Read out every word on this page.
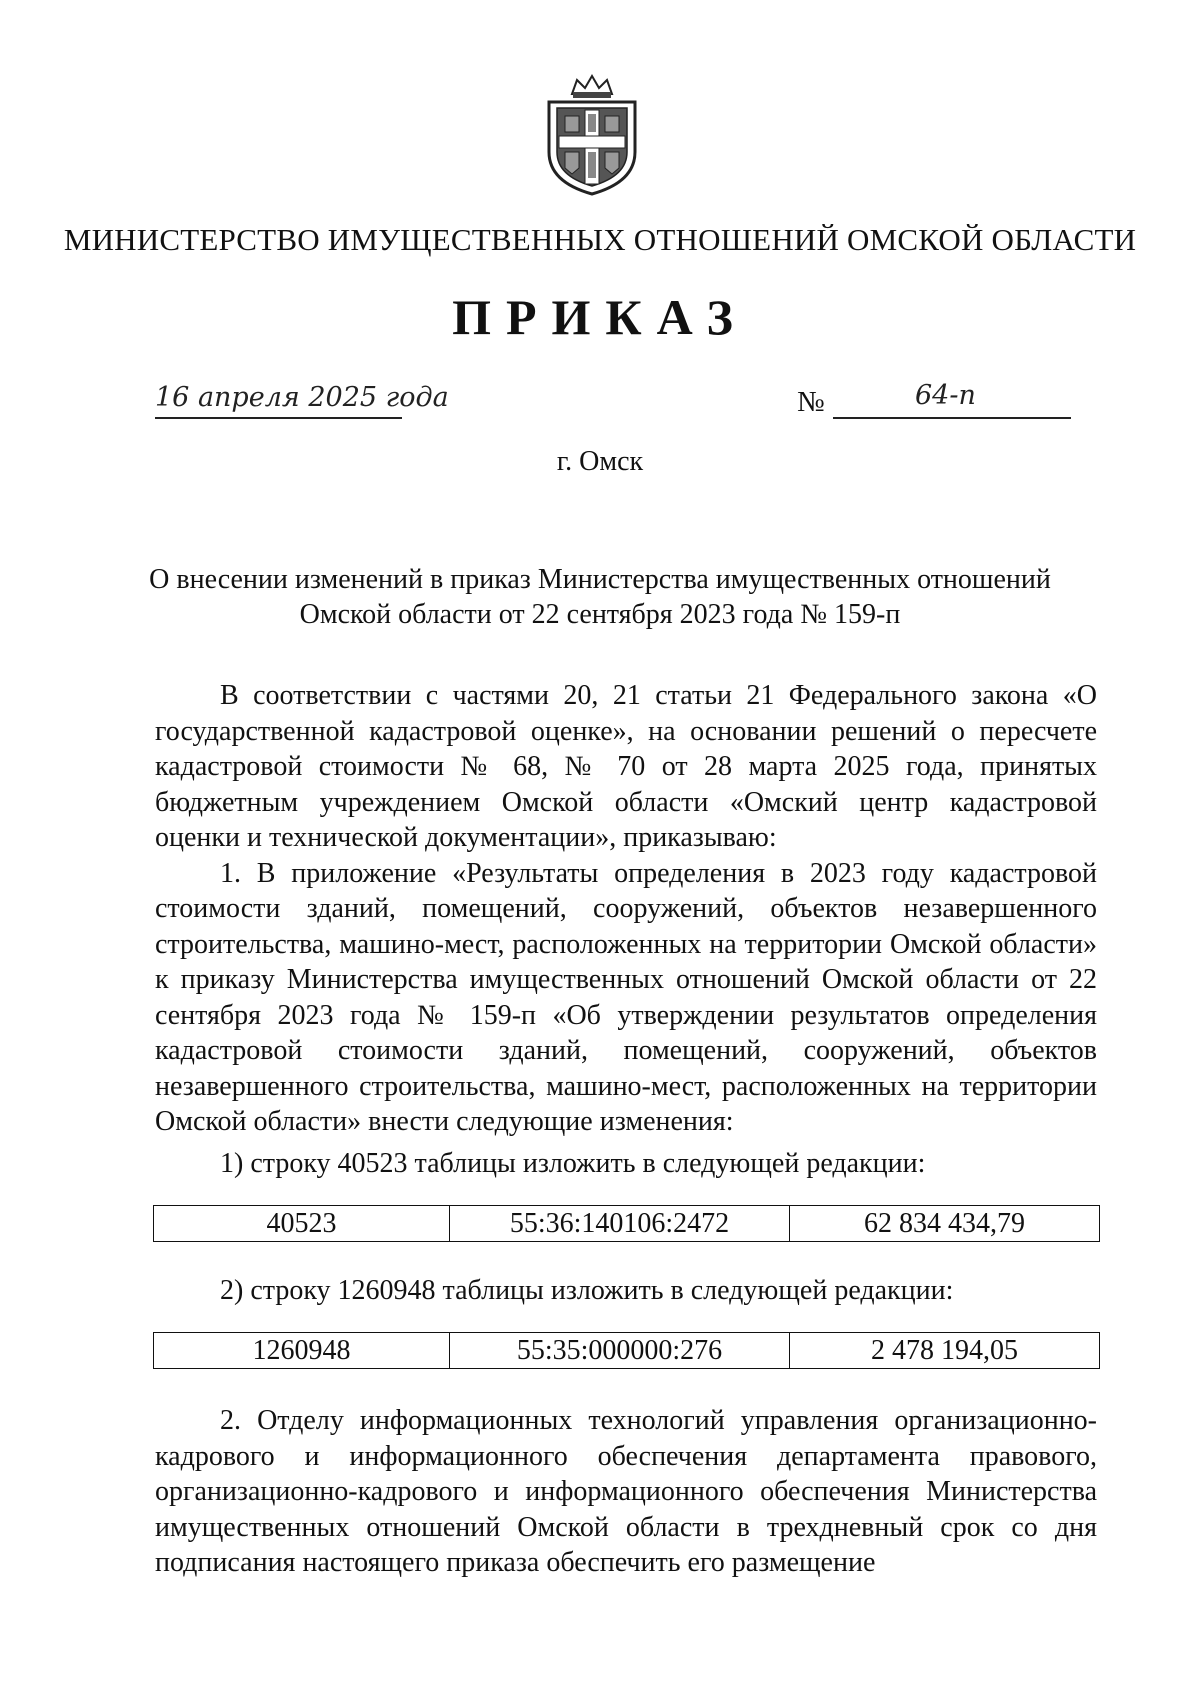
МИНИСТЕРСТВО ИМУЩЕСТВЕННЫХ ОТНОШЕНИЙ ОМСКОЙ ОБЛАСТИ
ПРИКАЗ
16 апреля 2025 года	№	64-п
г. Омск
О внесении изменений в приказ Министерства имущественных отношений Омской области от 22 сентября 2023 года № 159-п

В соответствии с частями 20, 21 статьи 21 Федерального закона «О государственной кадастровой оценке», на основании решений о пересчете кадастровой стоимости № 68, № 70 от 28 марта 2025 года, принятых бюджетным учреждением Омской области «Омский центр кадастровой оценки и технической документации», приказываю:

1. В приложение «Результаты определения в 2023 году кадастровой стоимости зданий, помещений, сооружений, объектов незавершенного строительства, машино-мест, расположенных на территории Омской области» к приказу Министерства имущественных отношений Омской области от 22 сентября 2023 года № 159-п «Об утверждении результатов определения кадастровой стоимости зданий, помещений, сооружений, объектов незавершенного строительства, машино-мест, расположенных на территории Омской области» внести следующие изменения:

1) строку 40523 таблицы изложить в следующей редакции:
40523	55:36:140106:2472	62 834 434,79
2) строку 1260948 таблицы изложить в следующей редакции:
1260948	55:35:000000:276	2 478 194,05

2. Отделу информационных технологий управления организационно-кадрового и информационного обеспечения департамента правового, организационно-кадрового и информационного обеспечения Министерства имущественных отношений Омской области в трехдневный срок со дня подписания настоящего приказа обеспечить его размещение
